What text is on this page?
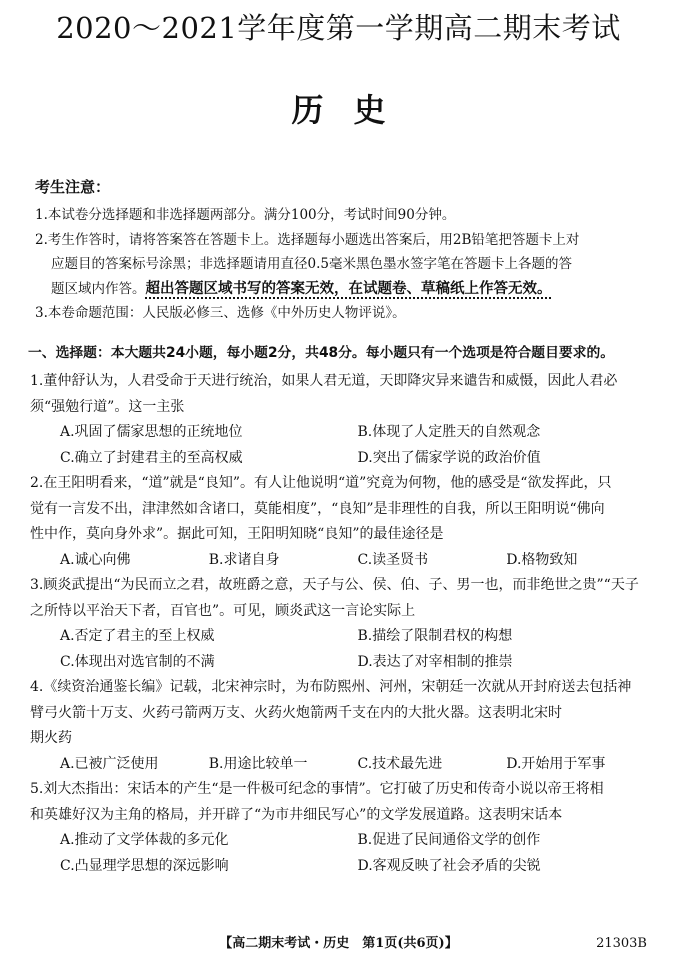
2020～2021学年度第一学期高二期末考试
历史
考生注意：
1.本试卷分选择题和非选择题两部分。满分100分，考试时间90分钟。
2.考生作答时，请将答案答在答题卡上。选择题每小题选出答案后，用2B铅笔把答题卡上对
应题目的答案标号涂黑；非选择题请用直径0.5毫米黑色墨水签字笔在答题卡上各题的答
题区域内作答。超出答题区域书写的答案无效，在试题卷、草稿纸上作答无效。
3.本卷命题范围：人民版必修三、选修《中外历史人物评说》。
一、选择题：本大题共24小题，每小题2分，共48分。每小题只有一个选项是符合题目要求的。
1.董仲舒认为，人君受命于天进行统治，如果人君无道，天即降灾异来谴告和威慑，因此人君必
须“强勉行道”。这一主张
A.巩固了儒家思想的正统地位	B.体现了人定胜天的自然观念
C.确立了封建君主的至高权威	D.突出了儒家学说的政治价值
2.在王阳明看来，“道”就是“良知”。有人让他说明“道”究竟为何物，他的感受是“欲发挥此，只
觉有一言发不出，津津然如含诸口，莫能相度”，“良知”是非理性的自我，所以王阳明说“佛向
性中作，莫向身外求”。据此可知，王阳明知晓“良知”的最佳途径是
A.诚心向佛	B.求诸自身	C.读圣贤书	D.格物致知
3.顾炎武提出“为民而立之君，故班爵之意，天子与公、侯、伯、子、男一也，而非绝世之贵”“天子
之所恃以平治天下者，百官也”。可见，顾炎武这一言论实际上
A.否定了君主的至上权威	B.描绘了限制君权的构想
C.体现出对选官制的不满	D.表达了对宰相制的推崇
4.《续资治通鉴长编》记载，北宋神宗时，为布防熙州、河州，宋朝廷一次就从开封府送去包括神
臂弓火箭十万支、火药弓箭两万支、火药火炮箭两千支在内的大批火器。这表明北宋时
期火药
A.已被广泛使用	B.用途比较单一	C.技术最先进	D.开始用于军事
5.刘大杰指出：宋话本的产生“是一件极可纪念的事情”。它打破了历史和传奇小说以帝王将相
和英雄好汉为主角的格局，并开辟了“为市井细民写心”的文学发展道路。这表明宋话本
A.推动了文学体裁的多元化	B.促进了民间通俗文学的创作
C.凸显理学思想的深远影响	D.客观反映了社会矛盾的尖锐
【高二期末考试・历史　第1页(共6页)】	21303B
